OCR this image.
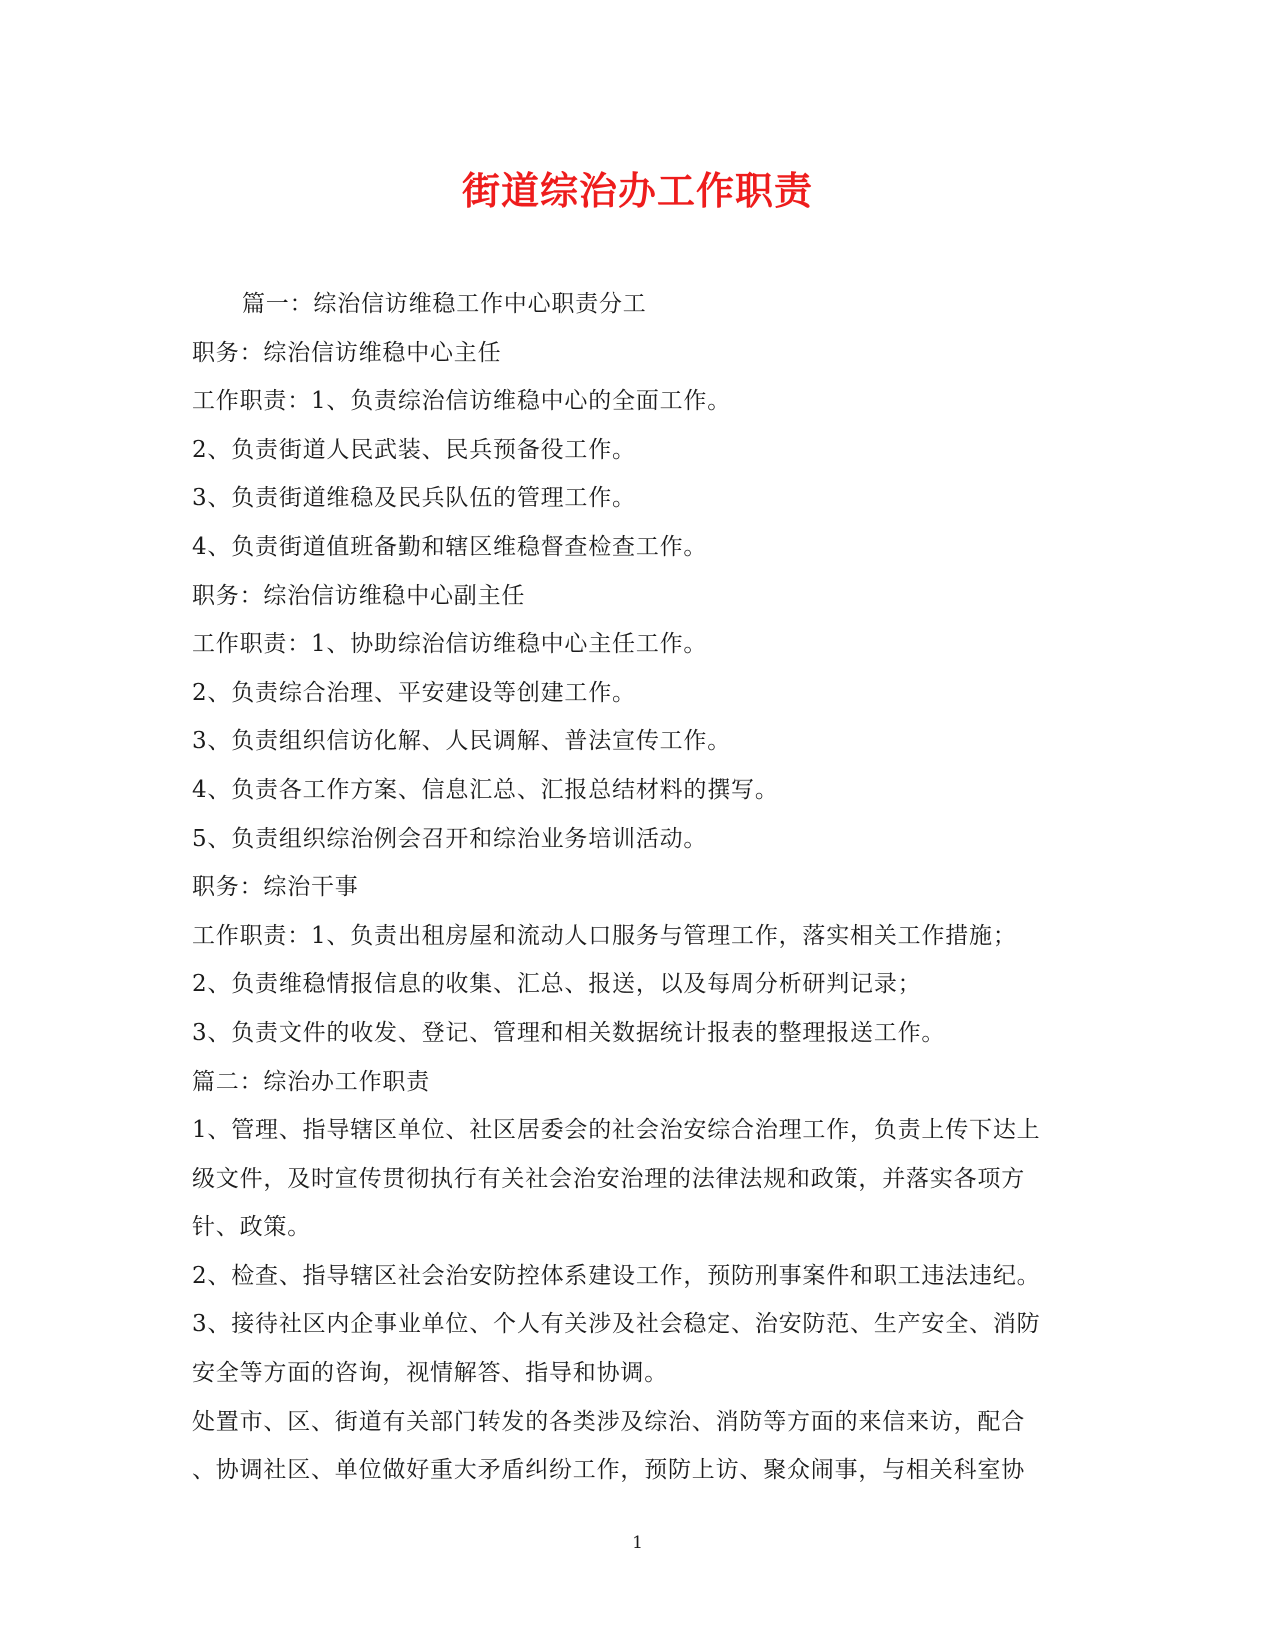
街道综治办工作职责
篇一：综治信访维稳工作中心职责分工
职务：综治信访维稳中心主任
工作职责：1、负责综治信访维稳中心的全面工作。
2、负责街道人民武装、民兵预备役工作。
3、负责街道维稳及民兵队伍的管理工作。
4、负责街道值班备勤和辖区维稳督查检查工作。
职务：综治信访维稳中心副主任
工作职责：1、协助综治信访维稳中心主任工作。
2、负责综合治理、平安建设等创建工作。
3、负责组织信访化解、人民调解、普法宣传工作。
4、负责各工作方案、信息汇总、汇报总结材料的撰写。
5、负责组织综治例会召开和综治业务培训活动。
职务：综治干事
工作职责：1、负责出租房屋和流动人口服务与管理工作，落实相关工作措施；
2、负责维稳情报信息的收集、汇总、报送，以及每周分析研判记录；
3、负责文件的收发、登记、管理和相关数据统计报表的整理报送工作。
篇二：综治办工作职责
1、管理、指导辖区单位、社区居委会的社会治安综合治理工作，负责上传下达上
级文件，及时宣传贯彻执行有关社会治安治理的法律法规和政策，并落实各项方
针、政策。
2、检查、指导辖区社会治安防控体系建设工作，预防刑事案件和职工违法违纪。
3、接待社区内企事业单位、个人有关涉及社会稳定、治安防范、生产安全、消防
安全等方面的咨询，视情解答、指导和协调。
处置市、区、街道有关部门转发的各类涉及综治、消防等方面的来信来访，配合
、协调社区、单位做好重大矛盾纠纷工作，预防上访、聚众闹事，与相关科室协
1
